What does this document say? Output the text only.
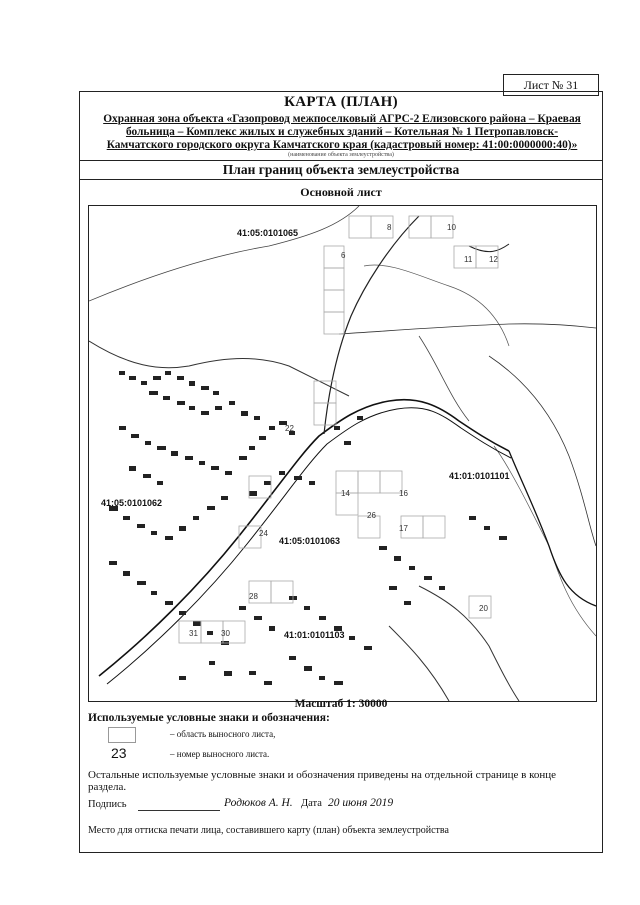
Лист № 31
КАРТА (ПЛАН)
Охранная зона объекта «Газопровод межпоселковый АГРС-2 Елизовского района – Краевая больница – Комплекс жилых и служебных зданий – Котельная № 1 Петропавловск-Камчатского городского округа Камчатского края (кадастровый номер: 41:00:0000000:40)»
(наименование объекта землеустройства)
План границ объекта землеустройства
Основной лист
41:05:0101065
41:05:0101062
41:05:0101063
41:01:0101101
41:01:0101103
6
8	10
11 12
14	16
17
20
22
24
26
28
31	30
Масштаб 1: 30000
Используемые условные знаки и обозначения:
– область выносного листа,
23	– номер выносного листа.
Остальные используемые условные знаки и обозначения приведены на отдельной странице в конце раздела.
Подпись	Родюков А. Н. Дата 20 июня 2019
Место для оттиска печати лица, составившего карту (план) объекта землеустройства
